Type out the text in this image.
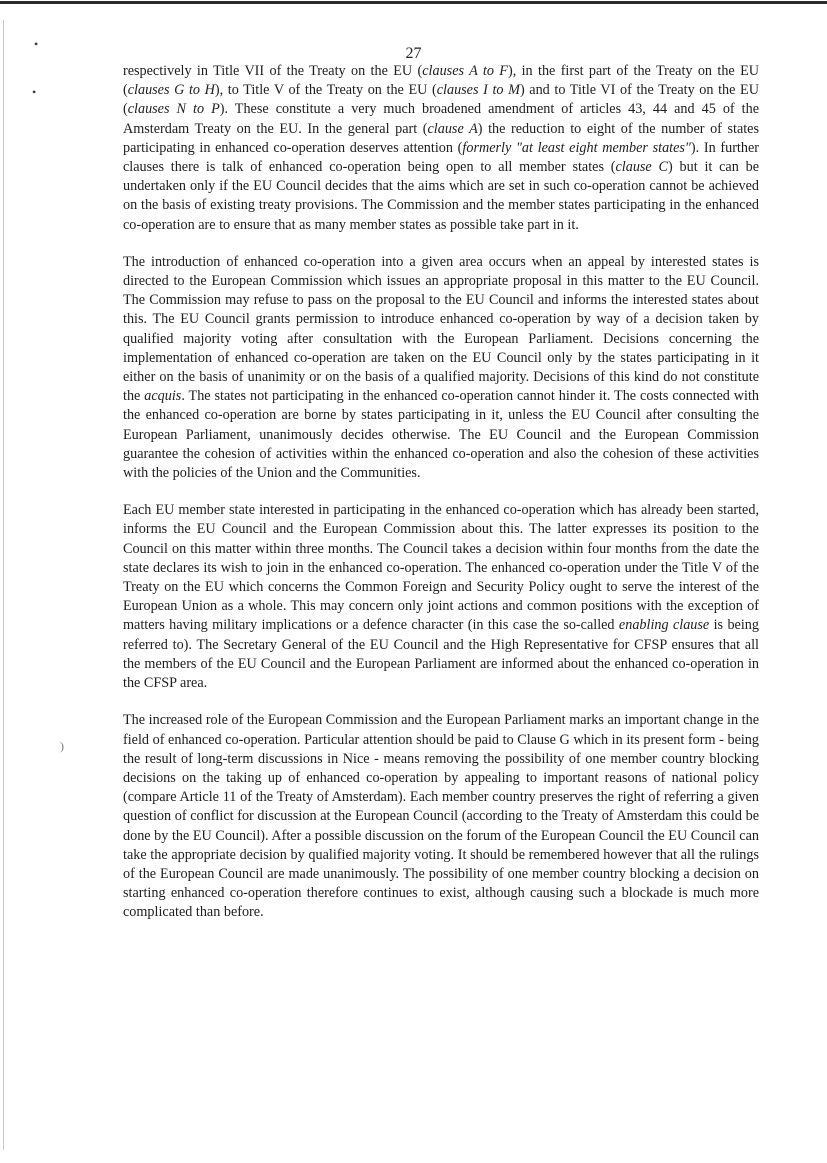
•
•
)
27

respectively in Title VII of the Treaty on the EU (clauses A to F), in the first part of the Treaty on the EU (clauses G to H), to Title V of the Treaty on the EU (clauses I to M) and to Title VI of the Treaty on the EU (clauses N to P). These constitute a very much broadened amendment of articles 43, 44 and 45 of the Amsterdam Treaty on the EU. In the general part (clause A) the reduction to eight of the number of states participating in enhanced co-operation deserves attention (formerly "at least eight member states"). In further clauses there is talk of enhanced co-operation being open to all member states (clause C) but it can be undertaken only if the EU Council decides that the aims which are set in such co-operation cannot be achieved on the basis of existing treaty provisions. The Commission and the member states participating in the enhanced co-operation are to ensure that as many member states as possible take part in it.

The introduction of enhanced co-operation into a given area occurs when an appeal by interested states is directed to the European Commission which issues an appropriate proposal in this matter to the EU Council. The Commission may refuse to pass on the proposal to the EU Council and informs the interested states about this. The EU Council grants permission to introduce enhanced co-operation by way of a decision taken by qualified majority voting after consultation with the European Parliament. Decisions concerning the implementation of enhanced co-operation are taken on the EU Council only by the states participating in it either on the basis of unanimity or on the basis of a qualified majority. Decisions of this kind do not constitute the acquis. The states not participating in the enhanced co-operation cannot hinder it. The costs connected with the enhanced co-operation are borne by states participating in it, unless the EU Council after consulting the European Parliament, unanimously decides otherwise. The EU Council and the European Commission guarantee the cohesion of activities within the enhanced co-operation and also the cohesion of these activities with the policies of the Union and the Communities.

Each EU member state interested in participating in the enhanced co-operation which has already been started, informs the EU Council and the European Commission about this. The latter expresses its position to the Council on this matter within three months. The Council takes a decision within four months from the date the state declares its wish to join in the enhanced co-operation. The enhanced co-operation under the Title V of the Treaty on the EU which concerns the Common Foreign and Security Policy ought to serve the interest of the European Union as a whole. This may concern only joint actions and common positions with the exception of matters having military implications or a defence character (in this case the so-called enabling clause is being referred to). The Secretary General of the EU Council and the High Representative for CFSP ensures that all the members of the EU Council and the European Parliament are informed about the enhanced co-operation in the CFSP area.

The increased role of the European Commission and the European Parliament marks an important change in the field of enhanced co-operation. Particular attention should be paid to Clause G which in its present form - being the result of long-term discussions in Nice - means removing the possibility of one member country blocking decisions on the taking up of enhanced co-operation by appealing to important reasons of national policy (compare Article 11 of the Treaty of Amsterdam). Each member country preserves the right of referring a given question of conflict for discussion at the European Council (according to the Treaty of Amsterdam this could be done by the EU Council). After a possible discussion on the forum of the European Council the EU Council can take the appropriate decision by qualified majority voting. It should be remembered however that all the rulings of the European Council are made unanimously. The possibility of one member country blocking a decision on starting enhanced co-operation therefore continues to exist, although causing such a blockade is much more complicated than before.
